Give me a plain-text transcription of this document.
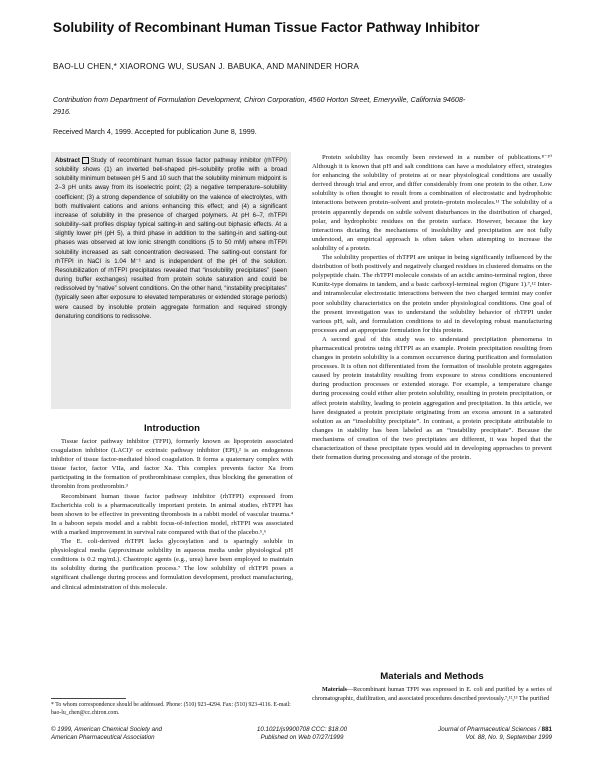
Solubility of Recombinant Human Tissue Factor Pathway Inhibitor
BAO-LU CHEN,* XIAORONG WU, SUSAN J. BABUKA, AND MANINDER HORA
Contribution from Department of Formulation Development, Chiron Corporation, 4560 Horton Street, Emeryville, California 94608-2916.
Received March 4, 1999. Accepted for publication June 8, 1999.
Abstract Study of recombinant human tissue factor pathway inhibitor (rhTFPI) solubility shows (1) an inverted bell-shaped pH–solubility profile with a broad solubility minimum between pH 5 and 10 such that the solubility minimum midpoint is 2–3 pH units away from its isoelectric point; (2) a negative temperature–solubility coefficient; (3) a strong dependence of solubility on the valence of electrolytes, with both multivalent cations and anions enhancing this effect; and (4) a significant increase of solubility in the presence of charged polymers. At pH 6–7, rhTFPI solubility–salt profiles display typical salting-in and salting-out biphasic effects. At a slightly lower pH (pH 5), a third phase in addition to the salting-in and salting-out phases was observed at low ionic strength conditions (5 to 50 mM) where rhTFPI solubility increased as salt concentration decreased. The salting-out constant for rhTFPI in NaCl is 1.04 M⁻¹ and is independent of the pH of the solution. Resolubilization of rhTFPI precipitates revealed that “insolubility precipitates” (seen during buffer exchanges) resulted from protein solute saturation and could be redissolved by “native” solvent conditions. On the other hand, “instability precipitates” (typically seen after exposure to elevated temperatures or extended storage periods) were caused by insoluble protein aggregate formation and required strongly denaturing conditions to redissolve.
Introduction

Tissue factor pathway inhibitor (TFPI), formerly known as lipoprotein associated coagulation inhibitor (LACI)¹ or extrinsic pathway inhibitor (EPI),² is an endogenous inhibitor of tissue factor-mediated blood coagulation. It forms a quaternary complex with tissue factor, factor VIIa, and factor Xa. This complex prevents factor Xa from participating in the formation of prothrombinase complex, thus blocking the generation of thrombin from prothrombin.³

Recombinant human tissue factor pathway inhibitor (rhTFPI) expressed from Escherichia coli is a pharmaceutically important protein. In animal studies, rhTFPI has been shown to be effective in preventing thrombosis in a rabbit model of vascular trauma.⁴ In a baboon sepsis model and a rabbit focus-of-infection model, rhTFPI was associated with a marked improvement in survival rate compared with that of the placebo.⁵,⁶

The E. coli-derived rhTFPI lacks glycosylation and is sparingly soluble in physiological media (approximate solubility in aqueous media under physiological pH conditions is 0.2 mg/mL). Chaotropic agents (e.g., urea) have been employed to maintain its solubility during the purification process.⁷ The low solubility of rhTFPI poses a significant challenge during process and formulation development, product manufacturing, and clinical administration of this molecule.

Protein solubility has recently been reviewed in a number of publications.⁸⁻¹⁰ Although it is known that pH and salt conditions can have a modulatory effect, strategies for enhancing the solubility of proteins at or near physiological conditions are usually derived through trial and error, and differ considerably from one protein to the other. Low solubility is often thought to result from a combination of electrostatic and hydrophobic interactions between protein–solvent and protein–protein molecules.¹¹ The solubility of a protein apparently depends on subtle solvent disturbances in the distribution of charged, polar, and hydrophobic residues on the protein surface. However, because the key interactions dictating the mechanisms of insolubility and precipitation are not fully understood, an empirical approach is often taken when attempting to increase the solubility of a protein.

The solubility properties of rhTFPI are unique in being significantly influenced by the distribution of both positively and negatively charged residues in clustered domains on the polypeptide chain. The rhTFPI molecule consists of an acidic amino-terminal region, three Kunitz-type domains in tandem, and a basic carboxyl-terminal region (Figure 1).⁷,¹² Inter- and intramolecular electrostatic interactions between the two charged termini may confer poor solubility characteristics on the protein under physiological conditions. One goal of the present investigation was to understand the solubility behavior of rhTFPI under various pH, salt, and formulation conditions to aid in developing robust manufacturing processes and an appropriate formulation for this protein.

A second goal of this study was to understand precipitation phenomena in pharmaceutical proteins using rhTFPI as an example. Protein precipitation resulting from changes in protein solubility is a common occurrence during purification and formulation processes. It is often not differentiated from the formation of insoluble protein aggregates caused by protein instability resulting from exposure to stress conditions encountered during production processes or extended storage. For example, a temperature change during processing could either alter protein solubility, resulting in protein precipitation, or affect protein stability, leading to protein aggregation and precipitation. In this article, we have designated a protein precipitate originating from an excess amount in a saturated solution as an “insolubility precipitate”. In contrast, a protein precipitate attributable to changes in stability has been labeled as an “instability precipitate”. Because the mechanisms of creation of the two precipitates are different, it was hoped that the characterization of these precipitate types would aid in developing approaches to prevent their formation during processing and storage of the protein.

Materials and Methods

Materials—Recombinant human TFPI was expressed in E. coli and purified by a series of chromatographic, diafiltration, and associated procedures described previously.⁷,¹²,¹³ The purified

* To whom correspondence should be addressed. Phone: (510) 923-4294. Fax: (510) 923-4116. E-mail: bao-lu_chen@cc.chiron.com.
© 1999, American Chemical Society and
American Pharmaceutical Association
10.1021/js9900708 CCC: $18.00
Published on Web 07/27/1999
Journal of Pharmaceutical Sciences / 881
Vol. 88, No. 9, September 1999
